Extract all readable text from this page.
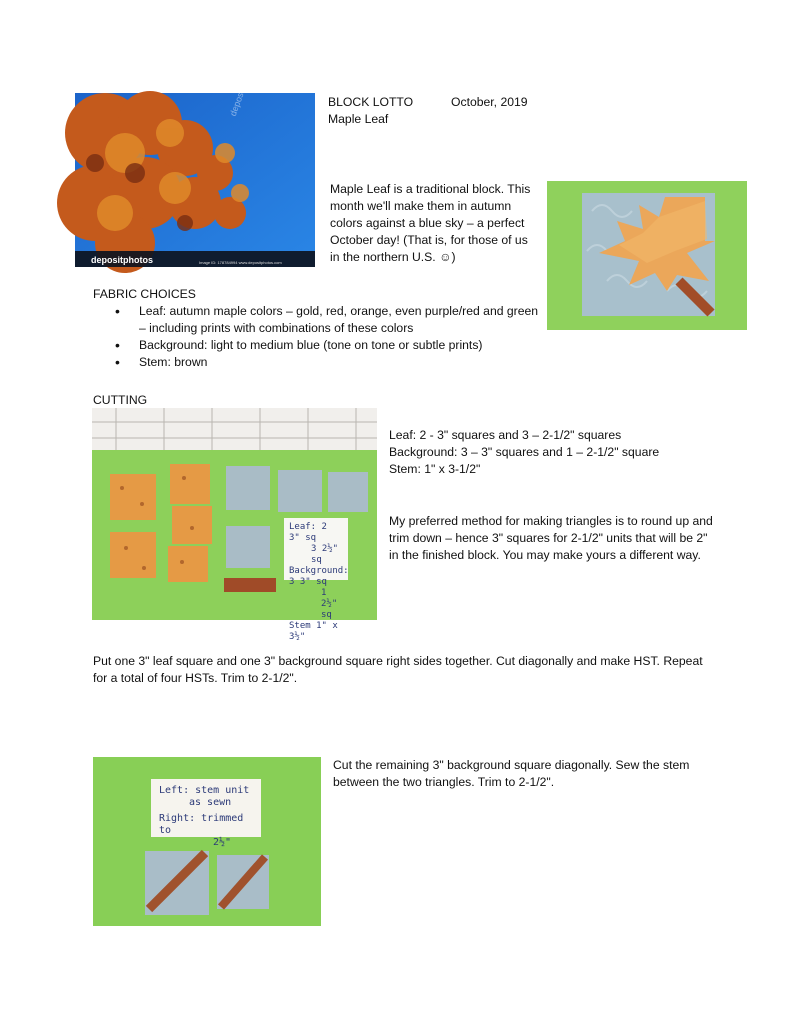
depositphotos
depositphotos	Image ID: 178784994 www.depositphotos.com
BLOCK LOTTO	October, 2019
Maple Leaf
Maple Leaf is a traditional block. This month we'll make them in autumn colors against a blue sky – a perfect October day! (That is, for those of us in the northern U.S. ☺)
FABRIC CHOICES
• Leaf: autumn maple colors – gold, red, orange, even purple/red and green – including prints with combinations of these colors
• Background: light to medium blue (tone on tone or subtle prints)
• Stem: brown
CUTTING
Leaf: 2 3" sq
3 2½" sq
Background: 3 3" sq
1 2½" sq
Stem 1" x 3½"
Leaf: 2 - 3" squares and 3 – 2-1/2" squares
Background: 3 – 3" squares and 1 – 2-1/2" square
Stem: 1" x 3-1/2"
My preferred method for making triangles is to round up and trim down – hence 3" squares for 2-1/2" units that will be 2" in the finished block. You may make yours a different way.
Put one 3" leaf square and one 3" background square right sides together. Cut diagonally and make HST. Repeat for a total of four HSTs. Trim to 2-1/2".
Left: stem unit
as sewn
Right: trimmed to
2½"
Cut the remaining 3" background square diagonally. Sew the stem between the two triangles. Trim to 2-1/2".
